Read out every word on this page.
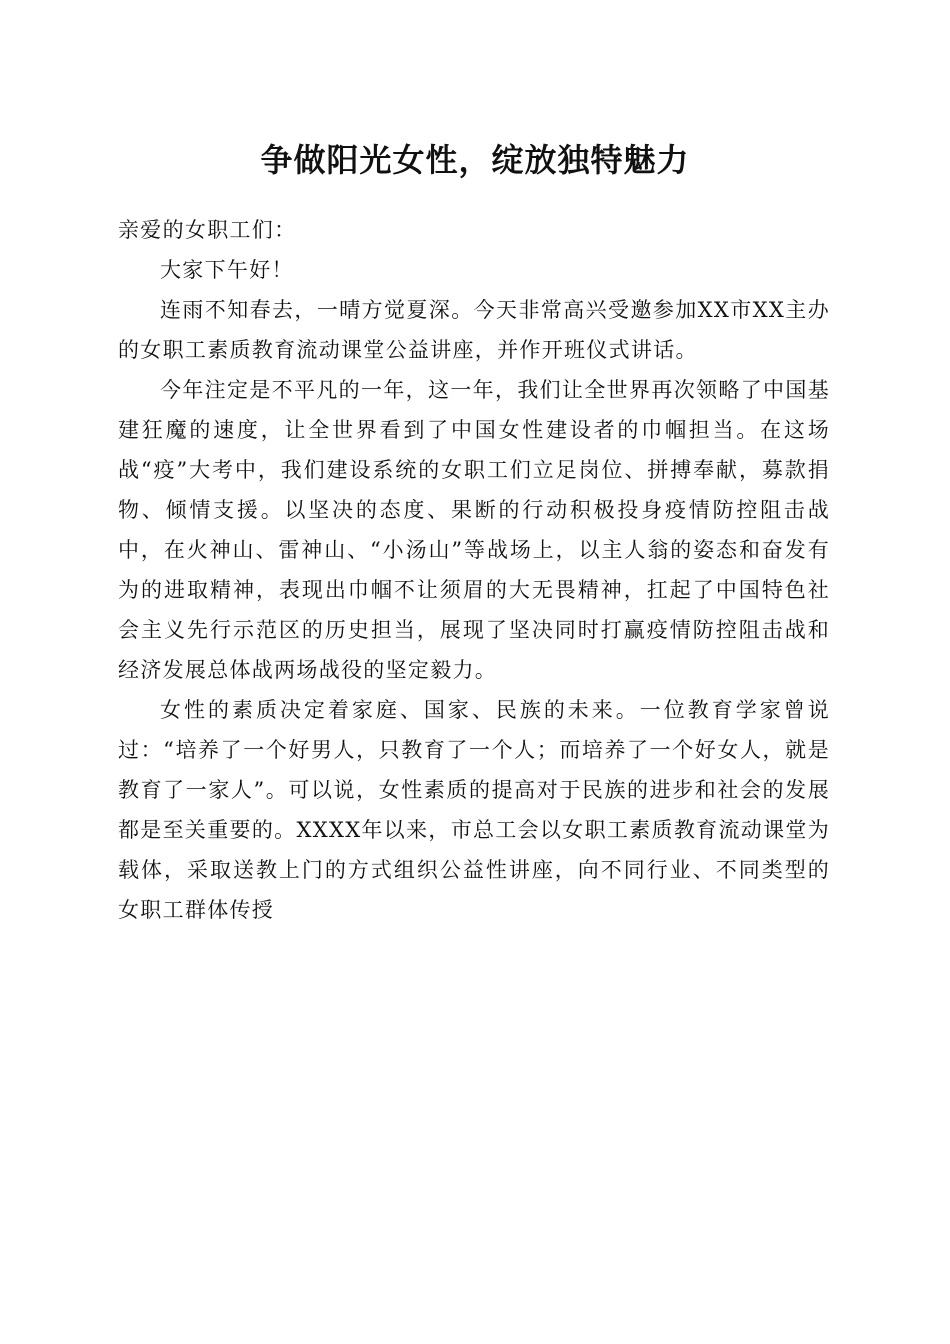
争做阳光女性，绽放独特魅力

亲爱的女职工们：

大家下午好！

连雨不知春去，一晴方觉夏深。今天非常高兴受邀参加XX市XX主办的女职工素质教育流动课堂公益讲座，并作开班仪式讲话。

今年注定是不平凡的一年，这一年，我们让全世界再次领略了中国基建狂魔的速度，让全世界看到了中国女性建设者的巾帼担当。在这场战“疫”大考中，我们建设系统的女职工们立足岗位、拼搏奉献，募款捐物、倾情支援。以坚决的态度、果断的行动积极投身疫情防控阻击战中，在火神山、雷神山、“小汤山”等战场上，以主人翁的姿态和奋发有为的进取精神，表现出巾帼不让须眉的大无畏精神，扛起了中国特色社会主义先行示范区的历史担当，展现了坚决同时打赢疫情防控阻击战和经济发展总体战两场战役的坚定毅力。

女性的素质决定着家庭、国家、民族的未来。一位教育学家曾说过：“培养了一个好男人，只教育了一个人；而培养了一个好女人，就是教育了一家人”。可以说，女性素质的提高对于民族的进步和社会的发展都是至关重要的。XXXX年以来，市总工会以女职工素质教育流动课堂为载体，采取送教上门的方式组织公益性讲座，向不同行业、不同类型的女职工群体传授
